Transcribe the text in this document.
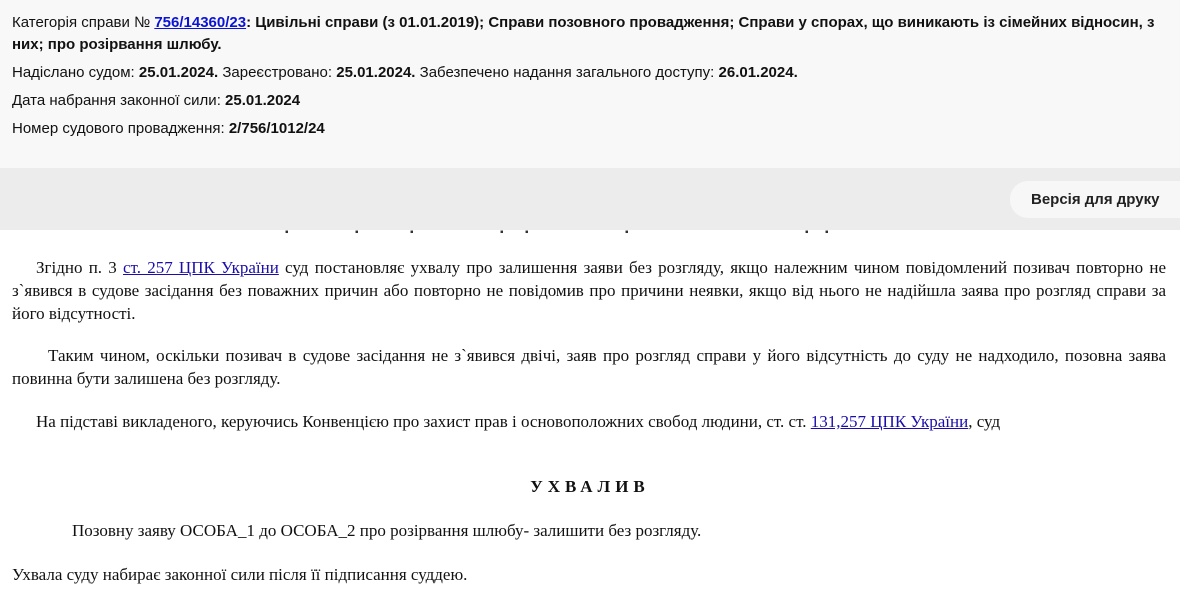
Категорія справи № 756/14360/23: Цивільні справи (з 01.01.2019); Справи позовного провадження; Справи у спорах, що виникають із сімейних відносин, з них; про розірвання шлюбу.
Надіслано судом: 25.01.2024. Зареєстровано: 25.01.2024. Забезпечено надання загального доступу: 26.01.2024.
Дата набрання законної сили: 25.01.2024
Номер судового провадження: 2/756/1012/24
Версія для друку
▪	▪	▪	▪ ▪	▪	▪ ▪
Згідно п. 3 ст. 257 ЦПК України суд постановляє ухвалу про залишення заяви без розгляду, якщо належним чином повідомлений позивач повторно не з`явився в судове засідання без поважних причин або повторно не повідомив про причини неявки, якщо від нього не надійшла заява про розгляд справи за його відсутності.
Таким чином, оскільки позивач в судове засідання не з`явився двічі, заяв про розгляд справи у його відсутність до суду не надходило, позовна заява повинна бути залишена без розгляду.
На підставі викладеного, керуючись Конвенцією про захист прав і основоположних свобод людини, ст. ст. 131,257 ЦПК України, суд
УХВАЛИВ
Позовну заяву ОСОБА_1 до ОСОБА_2 про розірвання шлюбу- залишити без розгляду.
Ухвала суду набирає законної сили після її підписання суддею.
